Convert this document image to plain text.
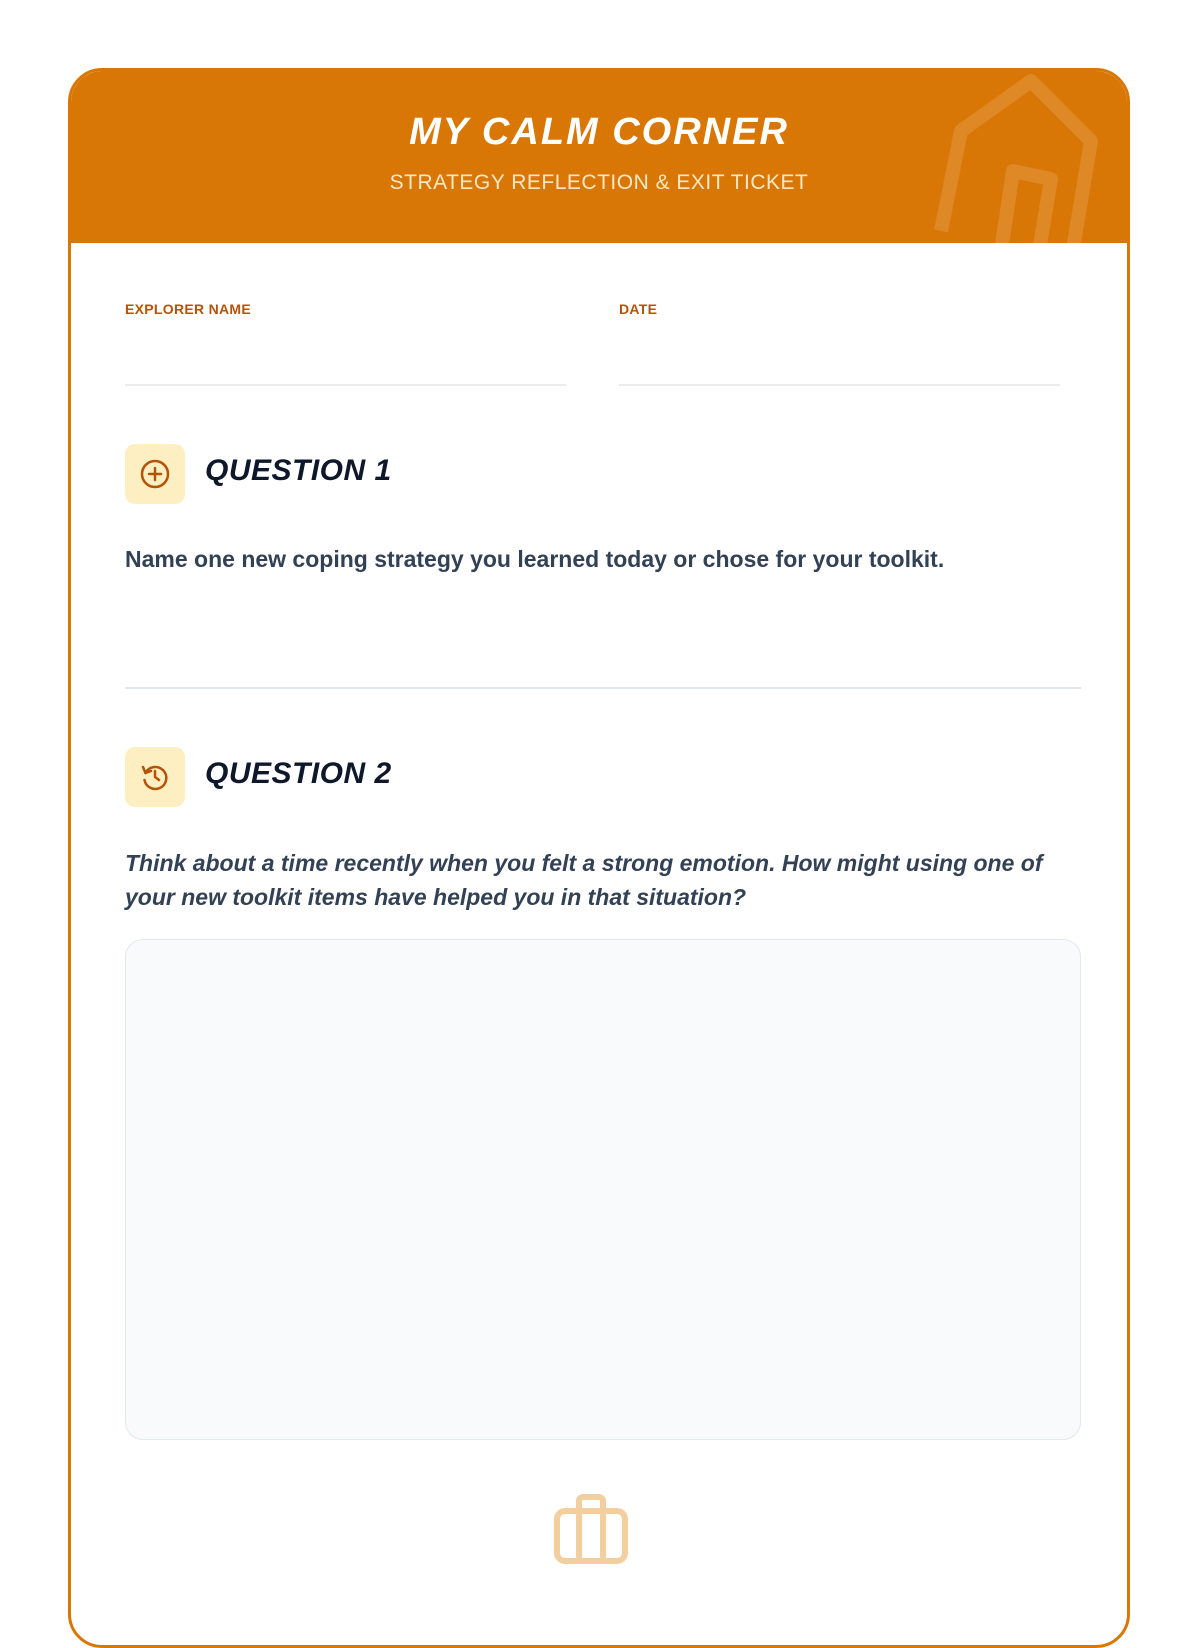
MY CALM CORNER
STRATEGY REFLECTION & EXIT TICKET
EXPLORER NAME	DATE
QUESTION 1
Name one new coping strategy you learned today or chose for your toolkit.
QUESTION 2
Think about a time recently when you felt a strong emotion. How might using one of your new toolkit items have helped you in that situation?
